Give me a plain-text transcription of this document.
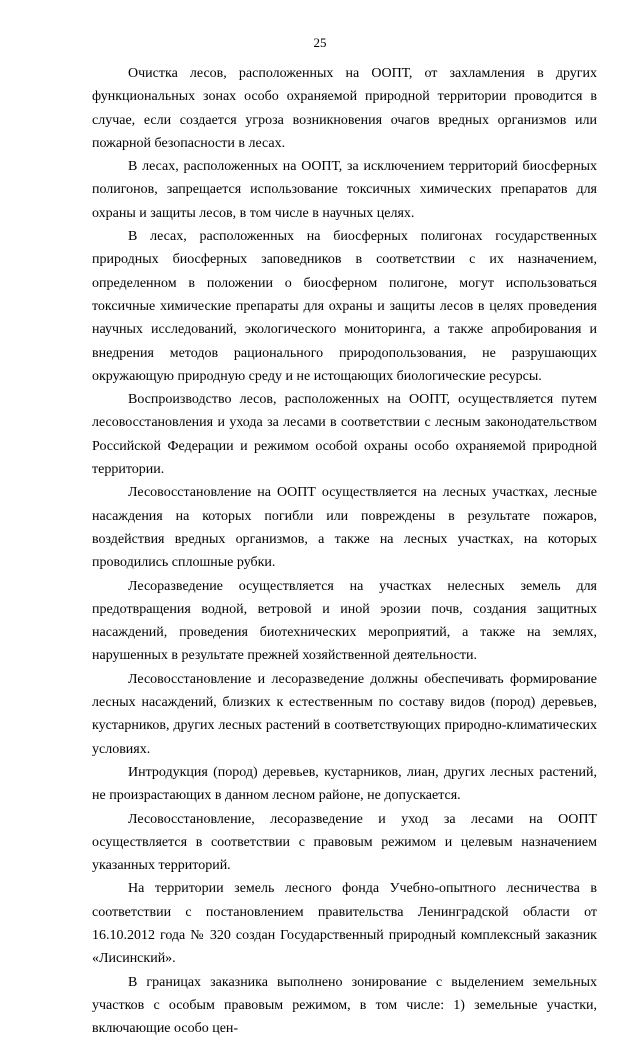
25

Очистка лесов, расположенных на ООПТ, от захламления в других функциональных зонах особо охраняемой природной территории проводится в случае, если создается угроза возникновения очагов вредных организмов или пожарной безопасности в лесах.

В лесах, расположенных на ООПТ, за исключением территорий биосферных полигонов, запрещается использование токсичных химических препаратов для охраны и защиты лесов, в том числе в научных целях.

В лесах, расположенных на биосферных полигонах государственных природных биосферных заповедников в соответствии с их назначением, определенном в положении о биосферном полигоне, могут использоваться токсичные химические препараты для охраны и защиты лесов в целях проведения научных исследований, экологического мониторинга, а также апробирования и внедрения методов рационального природопользования, не разрушающих окружающую природную среду и не истощающих биологические ресурсы.

Воспроизводство лесов, расположенных на ООПТ, осуществляется путем лесовосстановления и ухода за лесами в соответствии с лесным законодательством Российской Федерации и режимом особой охраны особо охраняемой природной территории.

Лесовосстановление на ООПТ осуществляется на лесных участках, лесные насаждения на которых погибли или повреждены в результате пожаров, воздействия вредных организмов, а также на лесных участках, на которых проводились сплошные рубки.

Лесоразведение осуществляется на участках нелесных земель для предотвращения водной, ветровой и иной эрозии почв, создания защитных насаждений, проведения биотехнических мероприятий, а также на землях, нарушенных в результате прежней хозяйственной деятельности.

Лесовосстановление и лесоразведение должны обеспечивать формирование лесных насаждений, близких к естественным по составу видов (пород) деревьев, кустарников, других лесных растений в соответствующих природно-климатических условиях.

Интродукция (пород) деревьев, кустарников, лиан, других лесных растений, не произрастающих в данном лесном районе, не допускается.

Лесовосстановление, лесоразведение и уход за лесами на ООПТ осуществляется в соответствии с правовым режимом и целевым назначением указанных территорий.

На территории земель лесного фонда Учебно-опытного лесничества в соответствии с постановлением правительства Ленинградской области от 16.10.2012 года № 320 создан Государственный природный комплексный заказник «Лисинский».

В границах заказника выполнено зонирование с выделением земельных участков с особым правовым режимом, в том числе: 1) земельные участки, включающие особо цен-
